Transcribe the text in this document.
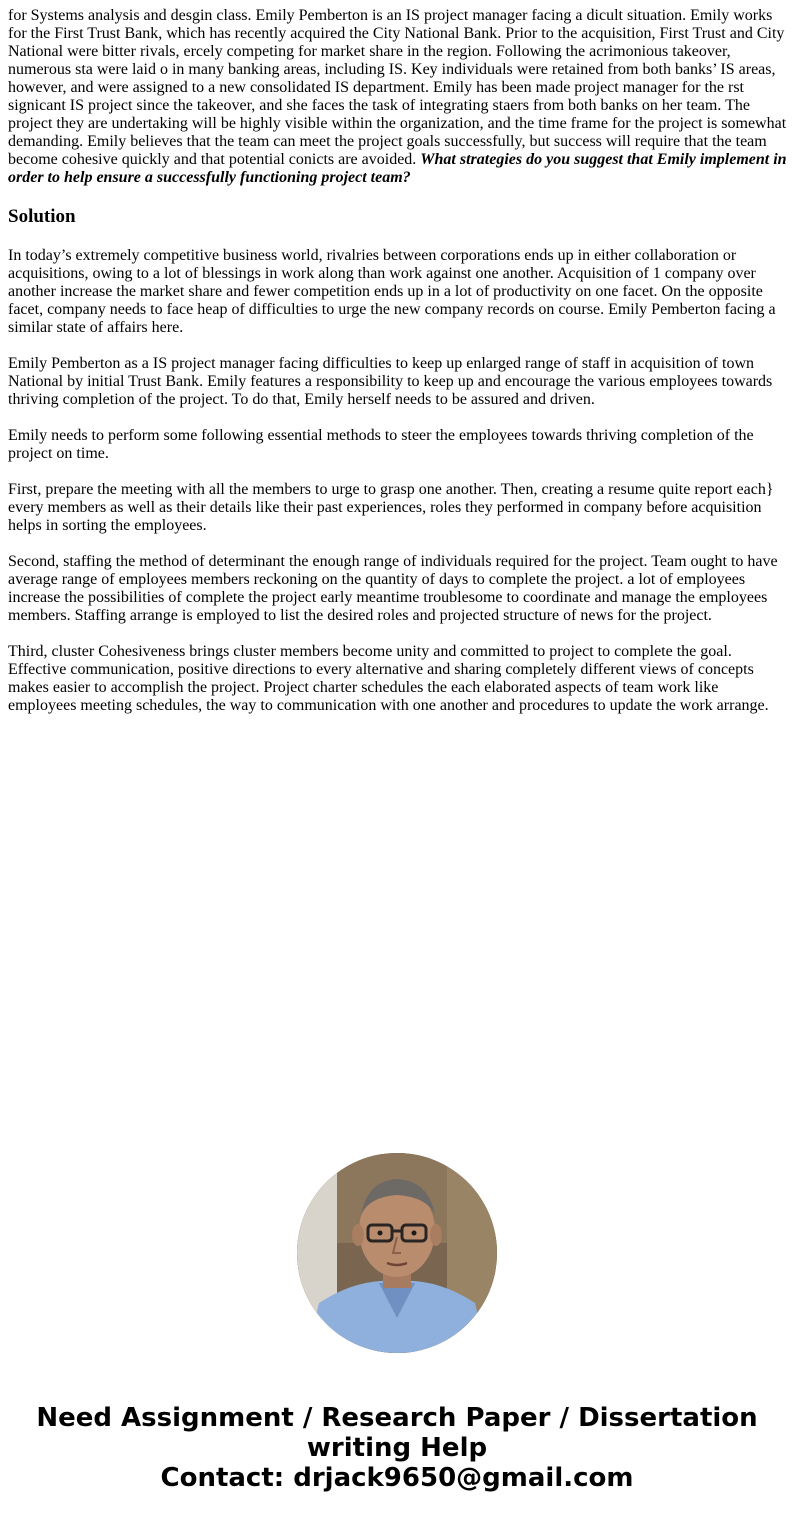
for Systems analysis and desgin class. Emily Pemberton is an IS project manager facing a dicult situation. Emily works for the First Trust Bank, which has recently acquired the City National Bank. Prior to the acquisition, First Trust and City National were bitter rivals, ercely competing for market share in the region. Following the acrimonious takeover, numerous sta were laid o in many banking areas, including IS. Key individuals were retained from both banks’ IS areas, however, and were assigned to a new consolidated IS department. Emily has been made project manager for the rst signicant IS project since the takeover, and she faces the task of integrating staers from both banks on her team. The project they are undertaking will be highly visible within the organization, and the time frame for the project is somewhat demanding. Emily believes that the team can meet the project goals successfully, but success will require that the team become cohesive quickly and that potential conicts are avoided. What strategies do you suggest that Emily implement in order to help ensure a successfully functioning project team?

Solution

In today’s extremely competitive business world, rivalries between corporations ends up in either collaboration or acquisitions, owing to a lot of blessings in work along than work against one another. Acquisition of 1 company over another increase the market share and fewer competition ends up in a lot of productivity on one facet. On the opposite facet, company needs to face heap of difficulties to urge the new company records on course. Emily Pemberton facing a similar state of affairs here.

Emily Pemberton as a IS project manager facing difficulties to keep up enlarged range of staff in acquisition of town National by initial Trust Bank. Emily features a responsibility to keep up and encourage the various employees towards thriving completion of the project. To do that, Emily herself needs to be assured and driven.

Emily needs to perform some following essential methods to steer the employees towards thriving completion of the project on time.

First, prepare the meeting with all the members to urge to grasp one another. Then, creating a resume quite report each} every members as well as their details like their past experiences, roles they performed in company before acquisition helps in sorting the employees.

Second, staffing the method of determinant the enough range of individuals required for the project. Team ought to have average range of employees members reckoning on the quantity of days to complete the project. a lot of employees increase the possibilities of complete the project early meantime troublesome to coordinate and manage the employees members. Staffing arrange is employed to list the desired roles and projected structure of news for the project.

Third, cluster Cohesiveness brings cluster members become unity and committed to project to complete the goal. Effective communication, positive directions to every alternative and sharing completely different views of concepts makes easier to accomplish the project. Project charter schedules the each elaborated aspects of team work like employees meeting schedules, the way to communication with one another and procedures to update the work arrange.

Need Assignment / Research Paper / Dissertation
writing Help
Contact: drjack9650@gmail.com
